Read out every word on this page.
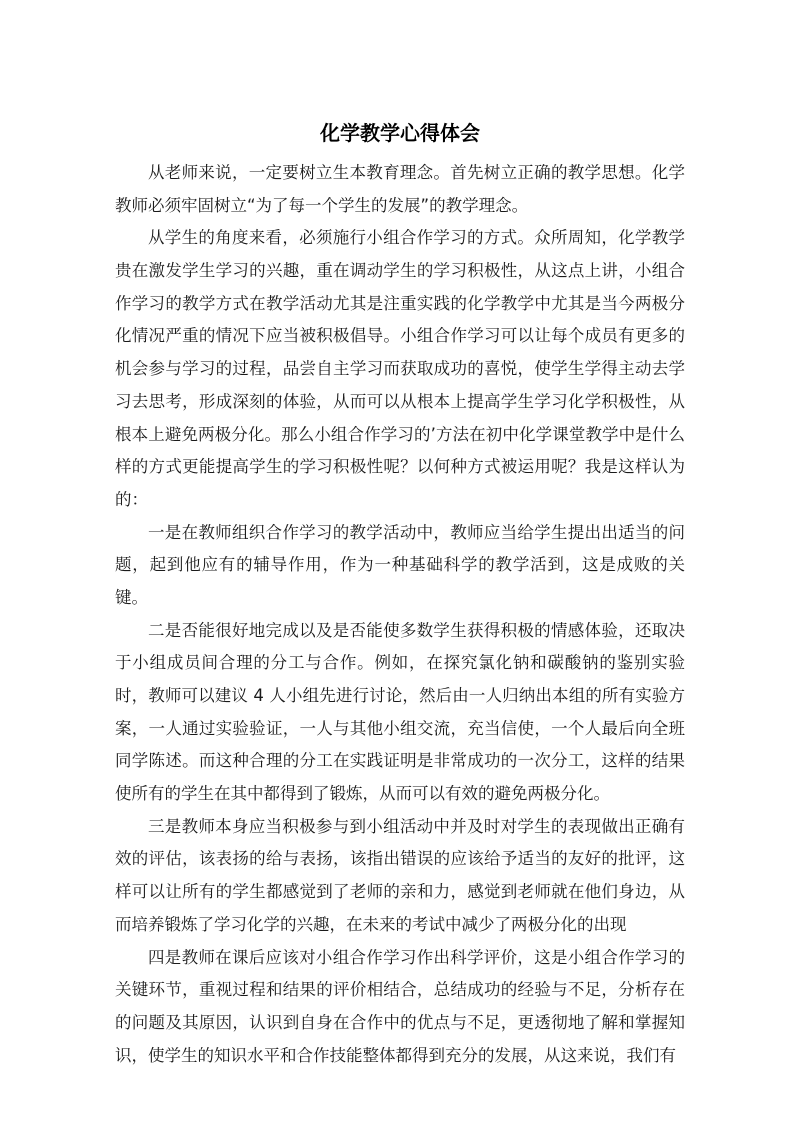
化学教学心得体会
从老师来说，一定要树立生本教育理念。首先树立正确的教学思想。化学
教师必须牢固树立“为了每一个学生的发展”的教学理念。
从学生的角度来看，必须施行小组合作学习的方式。众所周知，化学教学
贵在激发学生学习的兴趣，重在调动学生的学习积极性，从这点上讲，小组合
作学习的教学方式在教学活动尤其是注重实践的化学教学中尤其是当今两极分
化情况严重的情况下应当被积极倡导。小组合作学习可以让每个成员有更多的
机会参与学习的过程，品尝自主学习而获取成功的喜悦，使学生学得主动去学
习去思考，形成深刻的体验，从而可以从根本上提高学生学习化学积极性，从
根本上避免两极分化。那么小组合作学习的’方法在初中化学课堂教学中是什么
样的方式更能提高学生的学习积极性呢？以何种方式被运用呢？我是这样认为
的：
一是在教师组织合作学习的教学活动中，教师应当给学生提出出适当的问
题，起到他应有的辅导作用，作为一种基础科学的教学活到，这是成败的关
键。
二是否能很好地完成以及是否能使多数学生获得积极的情感体验，还取决
于小组成员间合理的分工与合作。例如，在探究氯化钠和碳酸钠的鉴别实验
时，教师可以建议 4 人小组先进行讨论，然后由一人归纳出本组的所有实验方
案，一人通过实验验证，一人与其他小组交流，充当信使，一个人最后向全班
同学陈述。而这种合理的分工在实践证明是非常成功的一次分工，这样的结果
使所有的学生在其中都得到了锻炼，从而可以有效的避免两极分化。
三是教师本身应当积极参与到小组活动中并及时对学生的表现做出正确有
效的评估，该表扬的给与表扬，该指出错误的应该给予适当的友好的批评，这
样可以让所有的学生都感觉到了老师的亲和力，感觉到老师就在他们身边，从
而培养锻炼了学习化学的兴趣，在未来的考试中减少了两极分化的出现
四是教师在课后应该对小组合作学习作出科学评价，这是小组合作学习的
关键环节，重视过程和结果的评价相结合，总结成功的经验与不足，分析存在
的问题及其原因，认识到自身在合作中的优点与不足，更透彻地了解和掌握知
识，使学生的知识水平和合作技能整体都得到充分的发展，从这来说，我们有
